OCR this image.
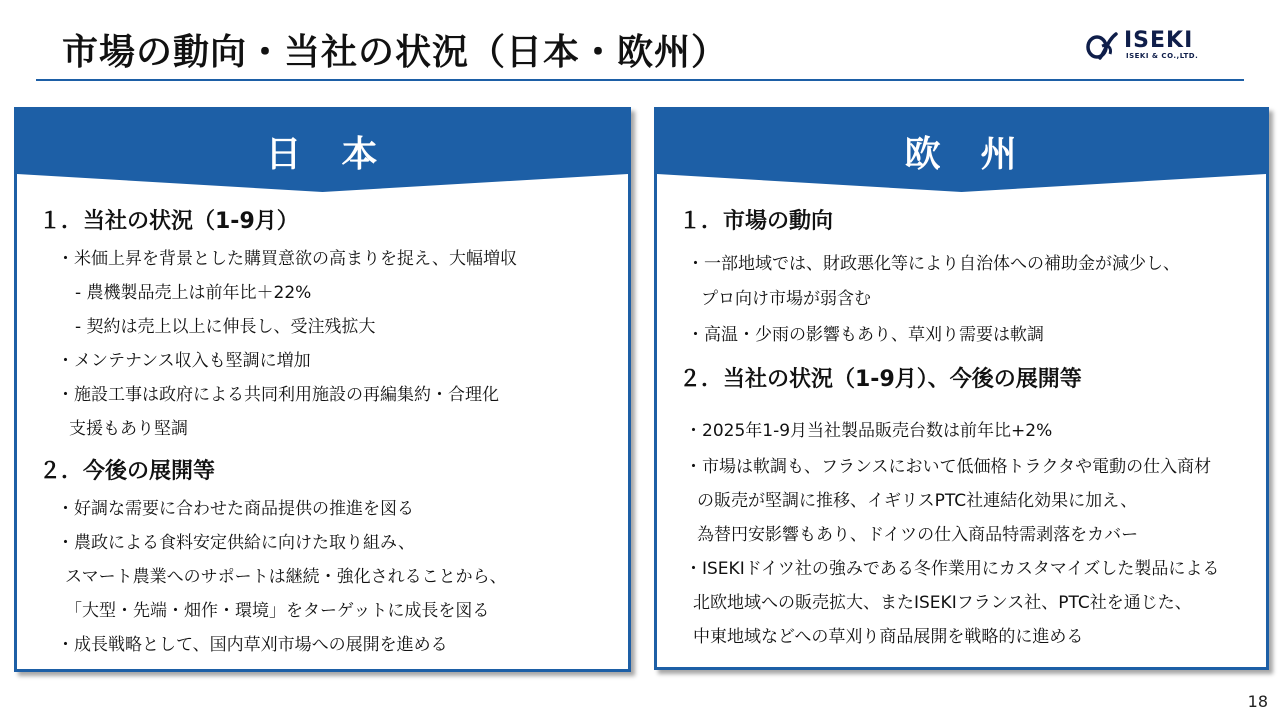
市場の動向・当社の状況（日本・欧州）	ISEKI
ISEKI & CO.,LTD.
日　本
１．当社の状況（1-9月）
・米価上昇を背景とした購買意欲の高まりを捉え、大幅増収
- 農機製品売上は前年比＋22%
- 契約は売上以上に伸長し、受注残拡大
・メンテナンス収入も堅調に増加
・施設工事は政府による共同利用施設の再編集約・合理化
支援もあり堅調
２．今後の展開等
・好調な需要に合わせた商品提供の推進を図る
・農政による食料安定供給に向けた取り組み、
スマート農業へのサポートは継続・強化されることから、
「大型・先端・畑作・環境」をターゲットに成長を図る
・成長戦略として、国内草刈市場への展開を進める
欧　州
１．市場の動向
・一部地域では、財政悪化等により自治体への補助金が減少し、
プロ向け市場が弱含む
・高温・少雨の影響もあり、草刈り需要は軟調
２．当社の状況（1-9月）、今後の展開等
・2025年1-9月当社製品販売台数は前年比+2%
・市場は軟調も、フランスにおいて低価格トラクタや電動の仕入商材
の販売が堅調に推移、イギリスPTC社連結化効果に加え、
為替円安影響もあり、ドイツの仕入商品特需剥落をカバー
・ISEKIドイツ社の強みである冬作業用にカスタマイズした製品による
北欧地域への販売拡大、またISEKIフランス社、PTC社を通じた、
中東地域などへの草刈り商品展開を戦略的に進める
18
